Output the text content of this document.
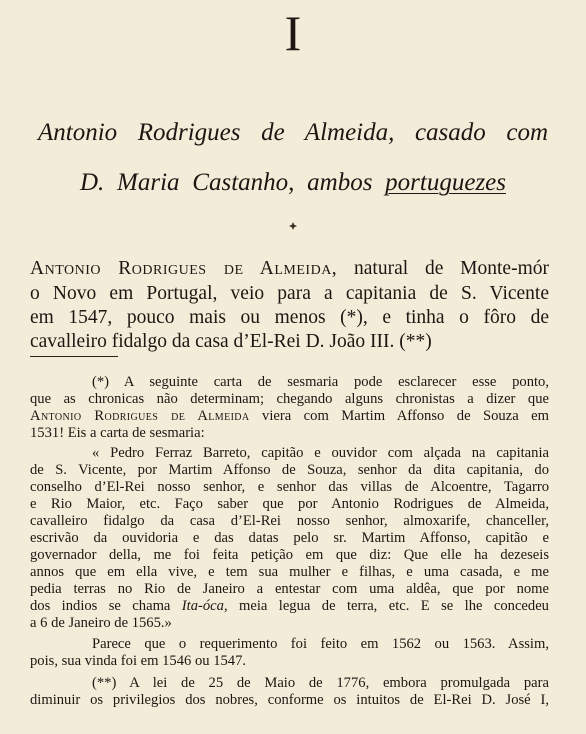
I
Antonio Rodrigues de Almeida, casado com
D. Maria Castanho, ambos portuguezes
Antonio Rodrigues de Almeida, natural de Monte-mór
o Novo em Portugal, veio para a capitania de S. Vicente
em 1547, pouco mais ou menos (*), e tinha o fôro de
cavalleiro fidalgo da casa d’El-Rei D. João III. (**)
(*) A seguinte carta de sesmaria pode esclarecer esse ponto,
que as chronicas não determinam; chegando alguns chronistas a dizer que
Antonio Rodrigues de Almeida viera com Martim Affonso de Souza em
1531! Eis a carta de sesmaria:
« Pedro Ferraz Barreto, capitão e ouvidor com alçada na capitania
de S. Vicente, por Martim Affonso de Souza, senhor da dita capitania, do
conselho d’El-Rei nosso senhor, e senhor das villas de Alcoentre, Tagarro
e Rio Maior, etc. Faço saber que por Antonio Rodrigues de Almeida,
cavalleiro fidalgo da casa d’El-Rei nosso senhor, almoxarife, chanceller,
escrivão da ouvidoria e das datas pelo sr. Martim Affonso, capitão e
governador della, me foi feita petição em que diz: Que elle ha dezeseis
annos que em ella vive, e tem sua mulher e filhas, e uma casada, e me
pedia terras no Rio de Janeiro a entestar com uma aldêa, que por nome
dos indios se chama Ita-óca, meia legua de terra, etc. E se lhe concedeu
a 6 de Janeiro de 1565.»
Parece que o requerimento foi feito em 1562 ou 1563. Assim,
pois, sua vinda foi em 1546 ou 1547.
(**) A lei de 25 de Maio de 1776, embora promulgada para
diminuir os privilegios dos nobres, conforme os intuitos de El-Rei D. José I,
